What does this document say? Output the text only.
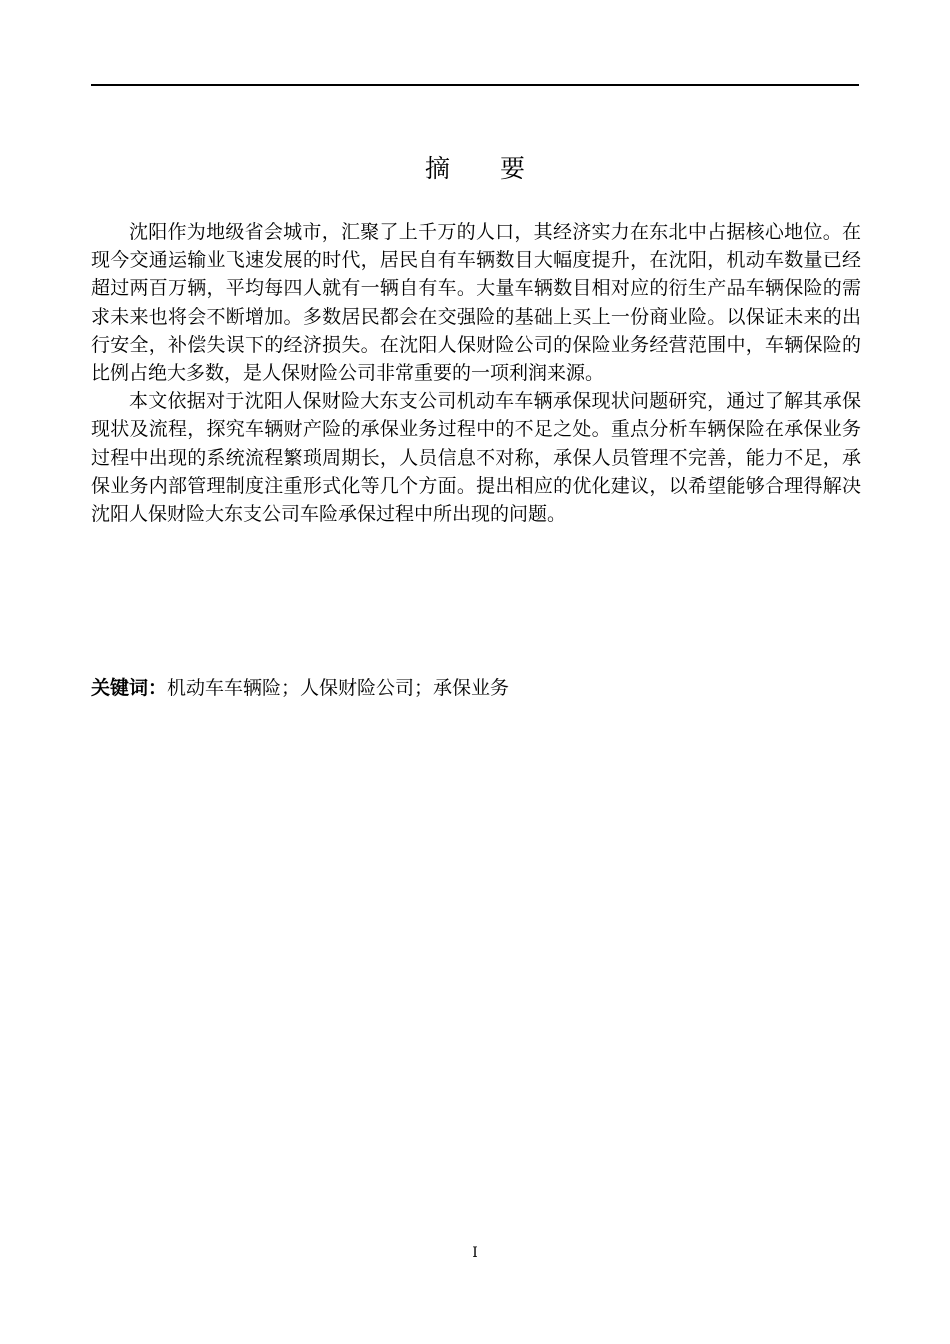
摘 要

沈阳作为地级省会城市，汇聚了上千万的人口，其经济实力在东北中占据核心地位。在现今交通运输业飞速发展的时代，居民自有车辆数目大幅度提升，在沈阳，机动车数量已经超过两百万辆，平均每四人就有一辆自有车。大量车辆数目相对应的衍生产品车辆保险的需求未来也将会不断增加。多数居民都会在交强险的基础上买上一份商业险。以保证未来的出行安全，补偿失误下的经济损失。在沈阳人保财险公司的保险业务经营范围中，车辆保险的比例占绝大多数，是人保财险公司非常重要的一项利润来源。

本文依据对于沈阳人保财险大东支公司机动车车辆承保现状问题研究，通过了解其承保现状及流程，探究车辆财产险的承保业务过程中的不足之处。重点分析车辆保险在承保业务过程中出现的系统流程繁琐周期长，人员信息不对称，承保人员管理不完善，能力不足，承保业务内部管理制度注重形式化等几个方面。提出相应的优化建议，以希望能够合理得解决沈阳人保财险大东支公司车险承保过程中所出现的问题。

关键词：机动车车辆险；人保财险公司；承保业务
I
